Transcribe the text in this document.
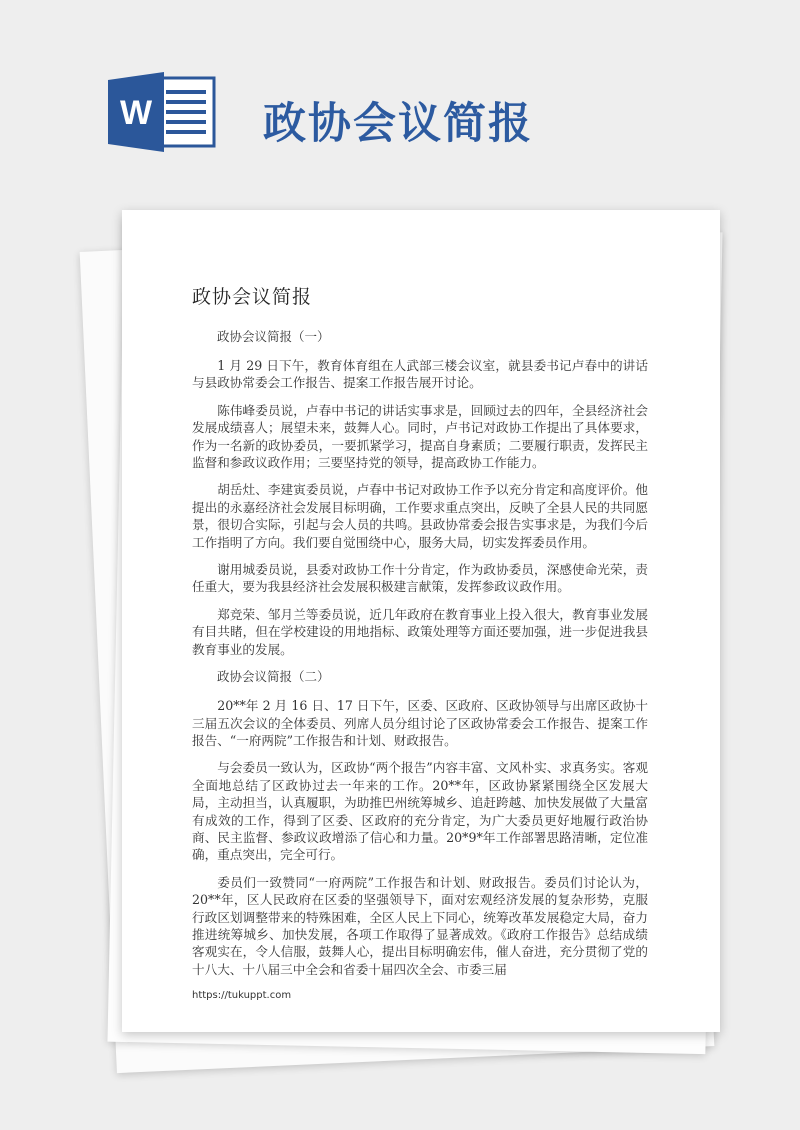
W	政协会议简报
政协会议简报

政协会议简报（一）

1 月 29 日下午，教育体育组在人武部三楼会议室，就县委书记卢春中的讲话与县政协常委会工作报告、提案工作报告展开讨论。

陈伟峰委员说，卢春中书记的讲话实事求是，回顾过去的四年，全县经济社会发展成绩喜人；展望未来，鼓舞人心。同时，卢书记对政协工作提出了具体要求，作为一名新的政协委员，一要抓紧学习，提高自身素质；二要履行职责，发挥民主监督和参政议政作用；三要坚持党的领导，提高政协工作能力。

胡岳灶、李建寅委员说，卢春中书记对政协工作予以充分肯定和高度评价。他提出的永嘉经济社会发展目标明确，工作要求重点突出，反映了全县人民的共同愿景，很切合实际，引起与会人员的共鸣。县政协常委会报告实事求是，为我们今后工作指明了方向。我们要自觉围绕中心，服务大局，切实发挥委员作用。

谢用城委员说，县委对政协工作十分肯定，作为政协委员，深感使命光荣，责任重大，要为我县经济社会发展积极建言献策，发挥参政议政作用。

郑竞荣、邹月兰等委员说，近几年政府在教育事业上投入很大，教育事业发展有目共睹，但在学校建设的用地指标、政策处理等方面还要加强，进一步促进我县教育事业的发展。

政协会议简报（二）

20**年 2 月 16 日、17 日下午，区委、区政府、区政协领导与出席区政协十三届五次会议的全体委员、列席人员分组讨论了区政协常委会工作报告、提案工作报告、“一府两院”工作报告和计划、财政报告。

与会委员一致认为，区政协“两个报告”内容丰富、文风朴实、求真务实。客观全面地总结了区政协过去一年来的工作。20**年，区政协紧紧围绕全区发展大局，主动担当，认真履职，为助推巴州统筹城乡、追赶跨越、加快发展做了大量富有成效的工作，得到了区委、区政府的充分肯定，为广大委员更好地履行政治协商、民主监督、参政议政增添了信心和力量。20*9*年工作部署思路清晰，定位准确，重点突出，完全可行。

委员们一致赞同“一府两院”工作报告和计划、财政报告。委员们讨论认为，20**年，区人民政府在区委的坚强领导下，面对宏观经济发展的复杂形势，克服行政区划调整带来的特殊困难，全区人民上下同心，统筹改革发展稳定大局，奋力推进统筹城乡、加快发展，各项工作取得了显著成效。《政府工作报告》总结成绩客观实在，令人信服，鼓舞人心，提出目标明确宏伟，催人奋进，充分贯彻了党的十八大、十八届三中全会和省委十届四次全会、市委三届

https://tukuppt.com
